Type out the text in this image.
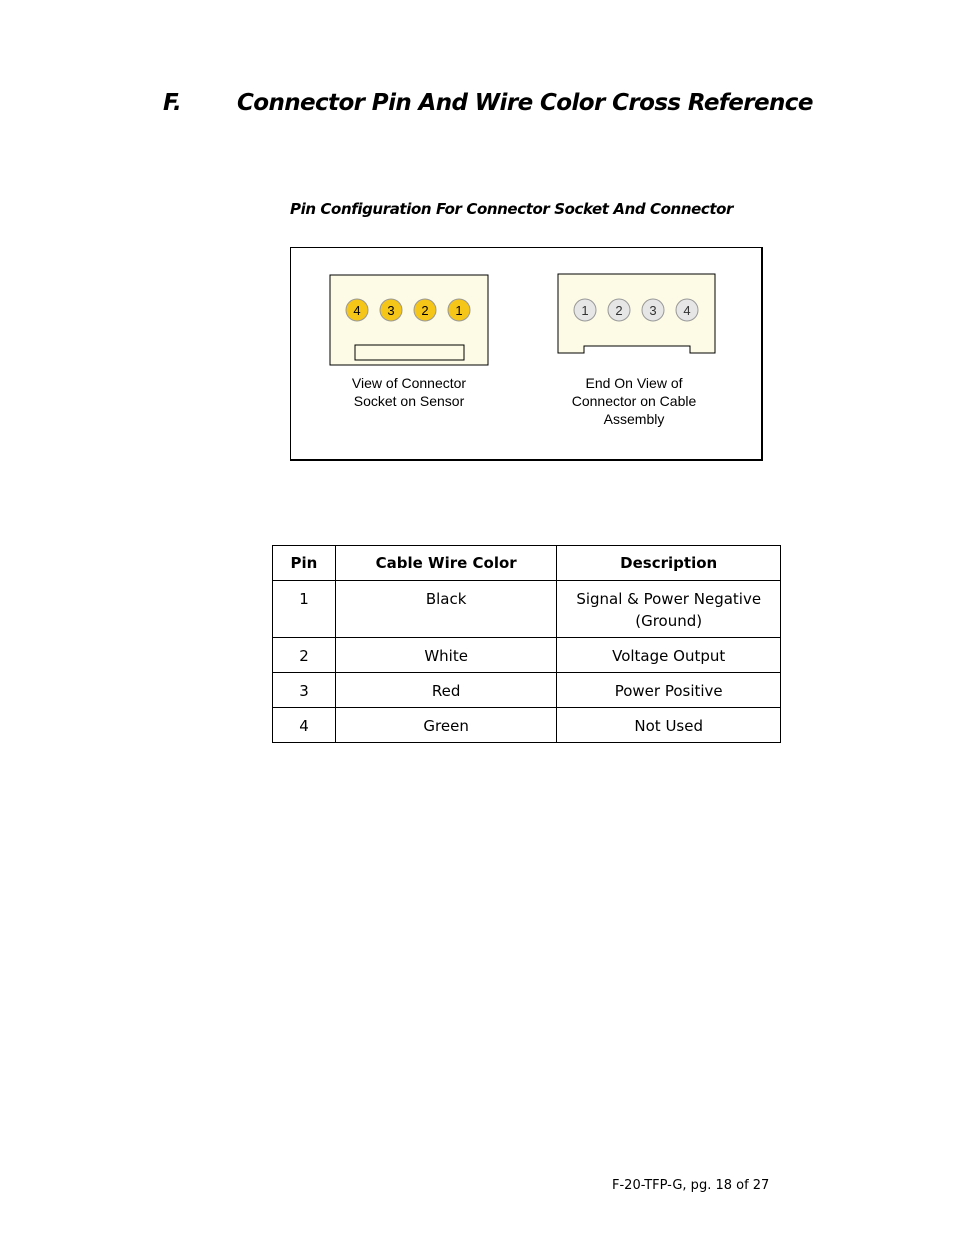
F. Connector Pin And Wire Color Cross Reference
Pin Configuration For Connector Socket And Connector
4 3 2 1	1 2 3 4
View of Connector
Socket on Sensor
End On View of
Connector on Cable
Assembly
Pin	Cable Wire Color	Description
1	Black	Signal & Power Negative
(Ground)

2	White	Voltage Output
3	Red	Power Positive
4	Green	Not Used

F-20-TFP-G, pg. 18 of 27
